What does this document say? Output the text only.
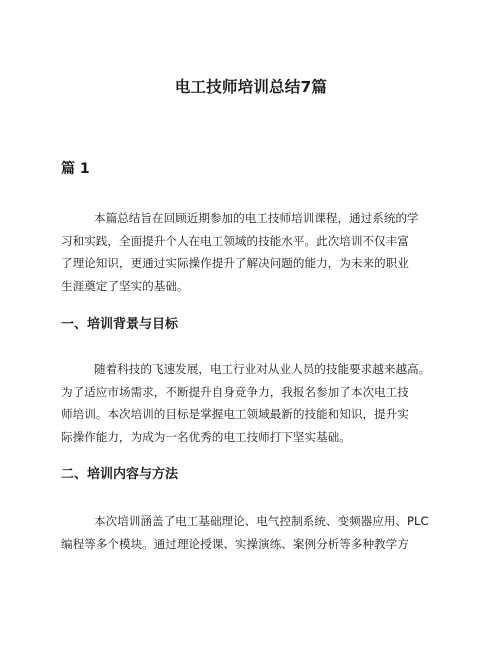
电工技师培训总结7篇
篇 1
本篇总结旨在回顾近期参加的电工技师培训课程，通过系统的学
习和实践，全面提升个人在电工领域的技能水平。此次培训不仅丰富
了理论知识，更通过实际操作提升了解决问题的能力，为未来的职业
生涯奠定了坚实的基础。
一、培训背景与目标
随着科技的飞速发展，电工行业对从业人员的技能要求越来越高。
为了适应市场需求，不断提升自身竞争力，我报名参加了本次电工技
师培训。本次培训的目标是掌握电工领域最新的技能和知识，提升实
际操作能力，为成为一名优秀的电工技师打下坚实基础。
二、培训内容与方法
本次培训涵盖了电工基础理论、电气控制系统、变频器应用、PLC
编程等多个模块。通过理论授课、实操演练、案例分析等多种教学方
